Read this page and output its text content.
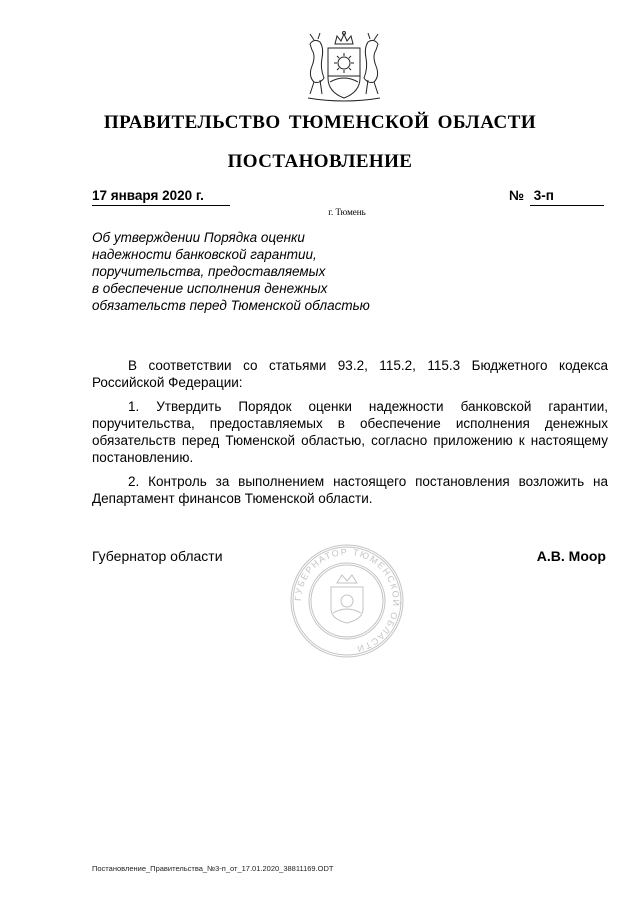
ПРАВИТЕЛЬСТВО ТЮМЕНСКОЙ ОБЛАСТИ
ПОСТАНОВЛЕНИЕ
17 января 2020 г.	№ 3-п
г. Тюмень
Об утверждении Порядка оценки
надежности банковской гарантии,
поручительства, предоставляемых
в обеспечение исполнения денежных
обязательств перед Тюменской областью

В соответствии со статьями 93.2, 115.2, 115.3 Бюджетного кодекса Российской Федерации:

1. Утвердить Порядок оценки надежности банковской гарантии, поручительства, предоставляемых в обеспечение исполнения денежных обязательств перед Тюменской областью, согласно приложению к настоящему постановлению.

2. Контроль за выполнением настоящего постановления возложить на Департамент финансов Тюменской области.

Губернатор области	А.В. Моор
ГУБЕРНАТОР ТЮМЕНСКОЙ ОБЛАСТИ
Постановление_Правительства_№3-п_от_17.01.2020_38811169.ODT
